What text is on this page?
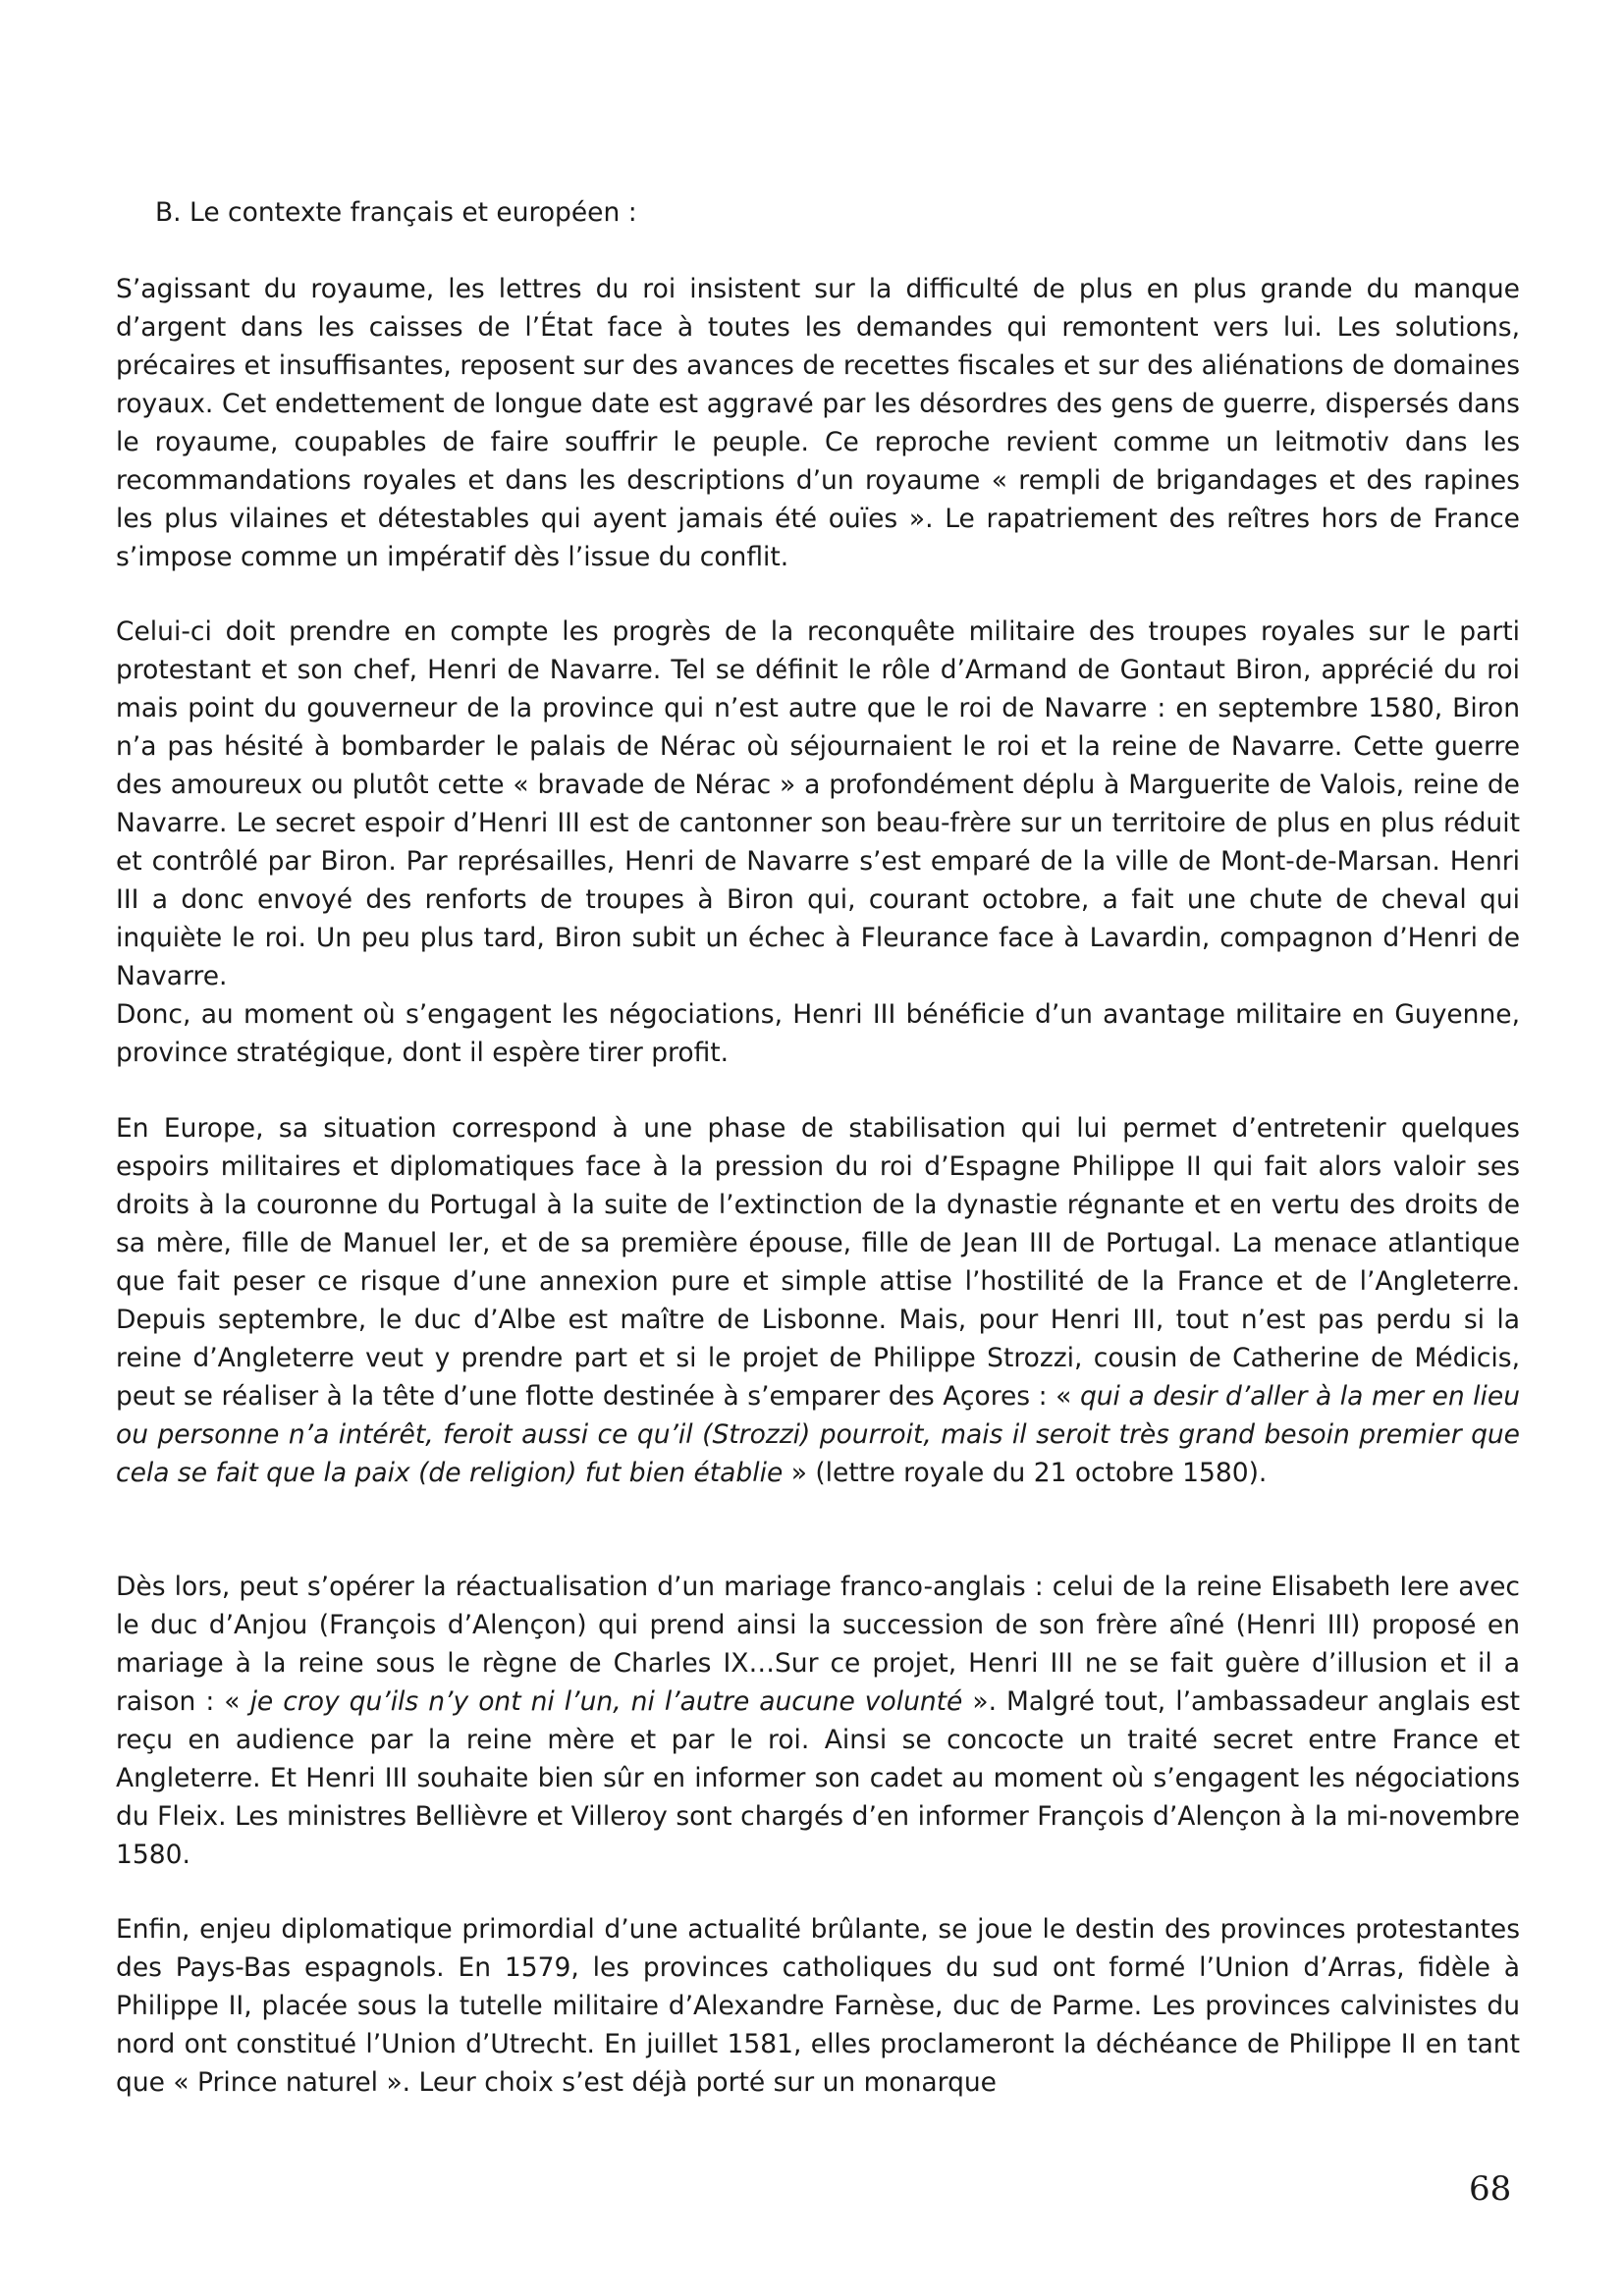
B. Le contexte français et européen :

S’agissant du royaume, les lettres du roi insistent sur la difficulté de plus en plus grande du manque d’argent dans les caisses de l’État face à toutes les demandes qui remontent vers lui. Les solutions, précaires et insuffisantes, reposent sur des avances de recettes fiscales et sur des aliénations de domaines royaux. Cet endettement de longue date est aggravé par les désordres des gens de guerre, dispersés dans le royaume, coupables de faire souffrir le peuple. Ce reproche revient comme un leitmotiv dans les recommandations royales et dans les descriptions d’un royaume « rempli de brigandages et des rapines les plus vilaines et détestables qui ayent jamais été ouïes ». Le rapatriement des reîtres hors de France s’impose comme un impératif dès l’issue du conflit.

Celui-ci doit prendre en compte les progrès de la reconquête militaire des troupes royales sur le parti protestant et son chef, Henri de Navarre. Tel se définit le rôle d’Armand de Gontaut Biron, apprécié du roi mais point du gouverneur de la province qui n’est autre que le roi de Navarre : en septembre 1580, Biron n’a pas hésité à bombarder le palais de Nérac où séjournaient le roi et la reine de Navarre. Cette guerre des amoureux ou plutôt cette « bravade de Nérac » a profondément déplu à Marguerite de Valois, reine de Navarre. Le secret espoir d’Henri III est de cantonner son beau-frère sur un territoire de plus en plus réduit et contrôlé par Biron. Par représailles, Henri de Navarre s’est emparé de la ville de Mont-de-Marsan. Henri III a donc envoyé des renforts de troupes à Biron qui, courant octobre, a fait une chute de cheval qui inquiète le roi. Un peu plus tard, Biron subit un échec à Fleurance face à Lavardin, compagnon d’Henri de Navarre.
Donc, au moment où s’engagent les négociations, Henri III bénéficie d’un avantage militaire en Guyenne, province stratégique, dont il espère tirer profit.

En Europe, sa situation correspond à une phase de stabilisation qui lui permet d’entretenir quelques espoirs militaires et diplomatiques face à la pression du roi d’Espagne Philippe II qui fait alors valoir ses droits à la couronne du Portugal à la suite de l’extinction de la dynastie régnante et en vertu des droits de sa mère, fille de Manuel Ier, et de sa première épouse, fille de Jean III de Portugal. La menace atlantique que fait peser ce risque d’une annexion pure et simple attise l’hostilité de la France et de l’Angleterre. Depuis septembre, le duc d’Albe est maître de Lisbonne. Mais, pour Henri III, tout n’est pas perdu si la reine d’Angleterre veut y prendre part et si le projet de Philippe Strozzi, cousin de Catherine de Médicis, peut se réaliser à la tête d’une flotte destinée à s’emparer des Açores : « qui a desir d’aller à la mer en lieu ou personne n’a intérêt, feroit aussi ce qu’il (Strozzi) pourroit, mais il seroit très grand besoin premier que cela se fait que la paix (de religion) fut bien établie » (lettre royale du 21 octobre 1580).

Dès lors, peut s’opérer la réactualisation d’un mariage franco-anglais : celui de la reine Elisabeth Iere avec le duc d’Anjou (François d’Alençon) qui prend ainsi la succession de son frère aîné (Henri III) proposé en mariage à la reine sous le règne de Charles IX…Sur ce projet, Henri III ne se fait guère d’illusion et il a raison : « je croy qu’ils n’y ont ni l’un, ni l’autre aucune volunté ». Malgré tout, l’ambassadeur anglais est reçu en audience par la reine mère et par le roi. Ainsi se concocte un traité secret entre France et Angleterre. Et Henri III souhaite bien sûr en informer son cadet au moment où s’engagent les négociations du Fleix. Les ministres Bellièvre et Villeroy sont chargés d’en informer François d’Alençon à la mi-novembre 1580.

Enfin, enjeu diplomatique primordial d’une actualité brûlante, se joue le destin des provinces protestantes des Pays-Bas espagnols. En 1579, les provinces catholiques du sud ont formé l’Union d’Arras, fidèle à Philippe II, placée sous la tutelle militaire d’Alexandre Farnèse, duc de Parme. Les provinces calvinistes du nord ont constitué l’Union d’Utrecht. En juillet 1581, elles proclameront la déchéance de Philippe II en tant que « Prince naturel ». Leur choix s’est déjà porté sur un monarque

68
